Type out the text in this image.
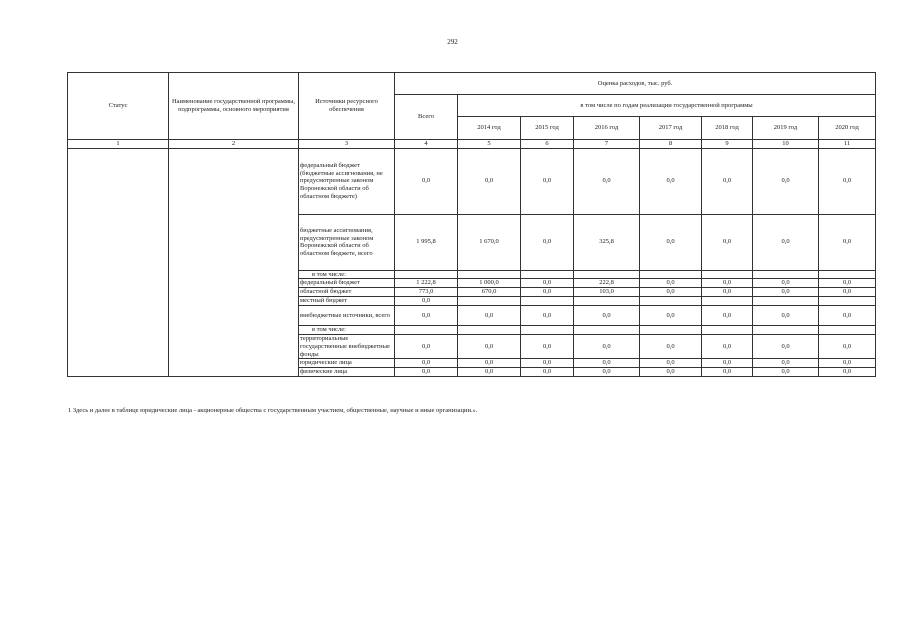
292
Статус	Наименование государственной программы, подпрограммы, основного мероприятия	Источники ресурсного обеспечения	Оценка расходов, тыс. руб.							
			Всего	в том числе по годам реализации государственной программы						
				2014 год	2015 год	2016 год	2017 год	2018 год	2019 год	2020 год
1	2	3	4	5	6	7	8	9	10	11
		федеральный бюджет (бюджетные ассигнования, не предусмотренные законом Воронежской области об областном бюджете)	0,0	0,0	0,0	0,0	0,0	0,0	0,0	0,0
		бюджетные ассигнования, предусмотренные законом Воронежской области об областном бюджете, всего	1 995,8	1 670,0	0,0	325,8	0,0	0,0	0,0	0,0
		в том числе:								
		федеральный бюджет	1 222,8	1 000,0	0,0	222,8	0,0	0,0	0,0	0,0
		областной бюджет	773,0	670,0	0,0	103,0	0,0	0,0	0,0	0,0
		местный бюджет	0,0							
		внебюджетные источники, всего	0,0	0,0	0,0	0,0	0,0	0,0	0,0	0,0
		в том числе:								
		территориальные государственные внебюджетные фонды	0,0	0,0	0,0	0,0	0,0	0,0	0,0	0,0
		юридические лица	0,0	0,0	0,0	0,0	0,0	0,0	0,0	0,0
		физические лица	0,0	0,0	0,0	0,0	0,0	0,0	0,0	0,0
1 Здесь и далее в таблице юридические лица - акционерные общества с государственным участием, общественные, научные и иные организации.».
